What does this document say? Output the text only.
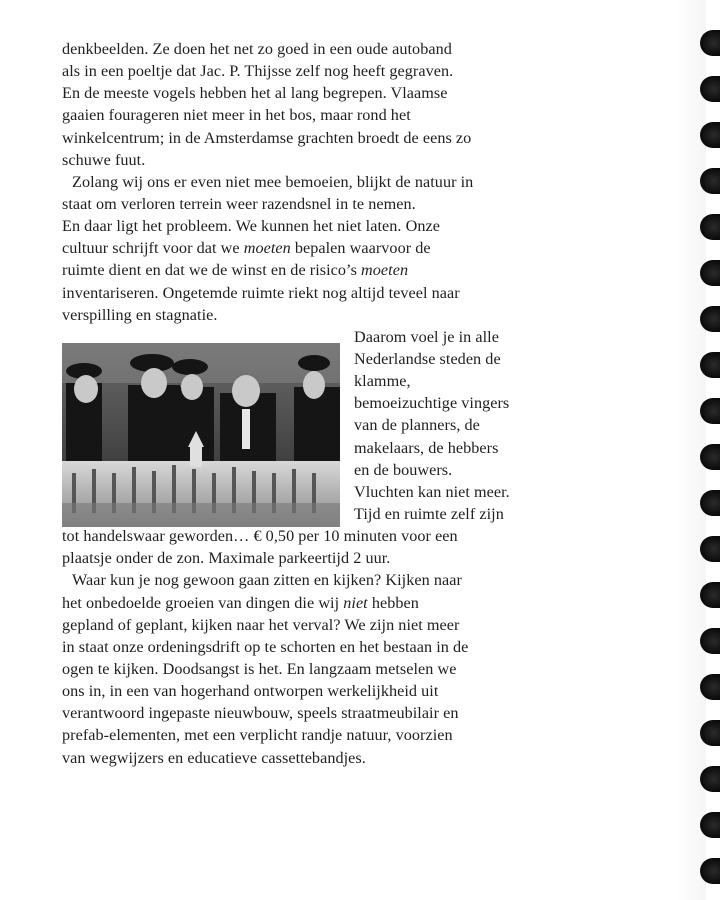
denkbeelden. Ze doen het net zo goed in een oude autoband
als in een poeltje dat Jac. P. Thijsse zelf nog heeft gegraven.
En de meeste vogels hebben het al lang begrepen. Vlaamse
gaaien fourageren niet meer in het bos, maar rond het
winkelcentrum; in de Amsterdamse grachten broedt de eens zo
schuwe fuut.
Zolang wij ons er even niet mee bemoeien, blijkt de natuur in
staat om verloren terrein weer razendsnel in te nemen.
En daar ligt het probleem. We kunnen het niet laten. Onze
cultuur schrijft voor dat we moeten bepalen waarvoor de
ruimte dient en dat we de winst en de risico’s moeten
inventariseren. Ongetemde ruimte riekt nog altijd teveel naar
verspilling en stagnatie.
Daarom voel je in alle
Nederlandse steden de
klamme,
bemoeizuchtige vingers
van de planners, de
makelaars, de hebbers
en de bouwers.
Vluchten kan niet meer.
Tijd en ruimte zelf zijn
tot handelswaar geworden… € 0,50 per 10 minuten voor een
plaatsje onder de zon. Maximale parkeertijd 2 uur.
Waar kun je nog gewoon gaan zitten en kijken? Kijken naar
het onbedoelde groeien van dingen die wij niet hebben
gepland of geplant, kijken naar het verval? We zijn niet meer
in staat onze ordeningsdrift op te schorten en het bestaan in de
ogen te kijken. Doodsangst is het. En langzaam metselen we
ons in, in een van hogerhand ontworpen werkelijkheid uit
verantwoord ingepaste nieuwbouw, speels straatmeubilair en
prefab-elementen, met een verplicht randje natuur, voorzien
van wegwijzers en educatieve cassettebandjes.
